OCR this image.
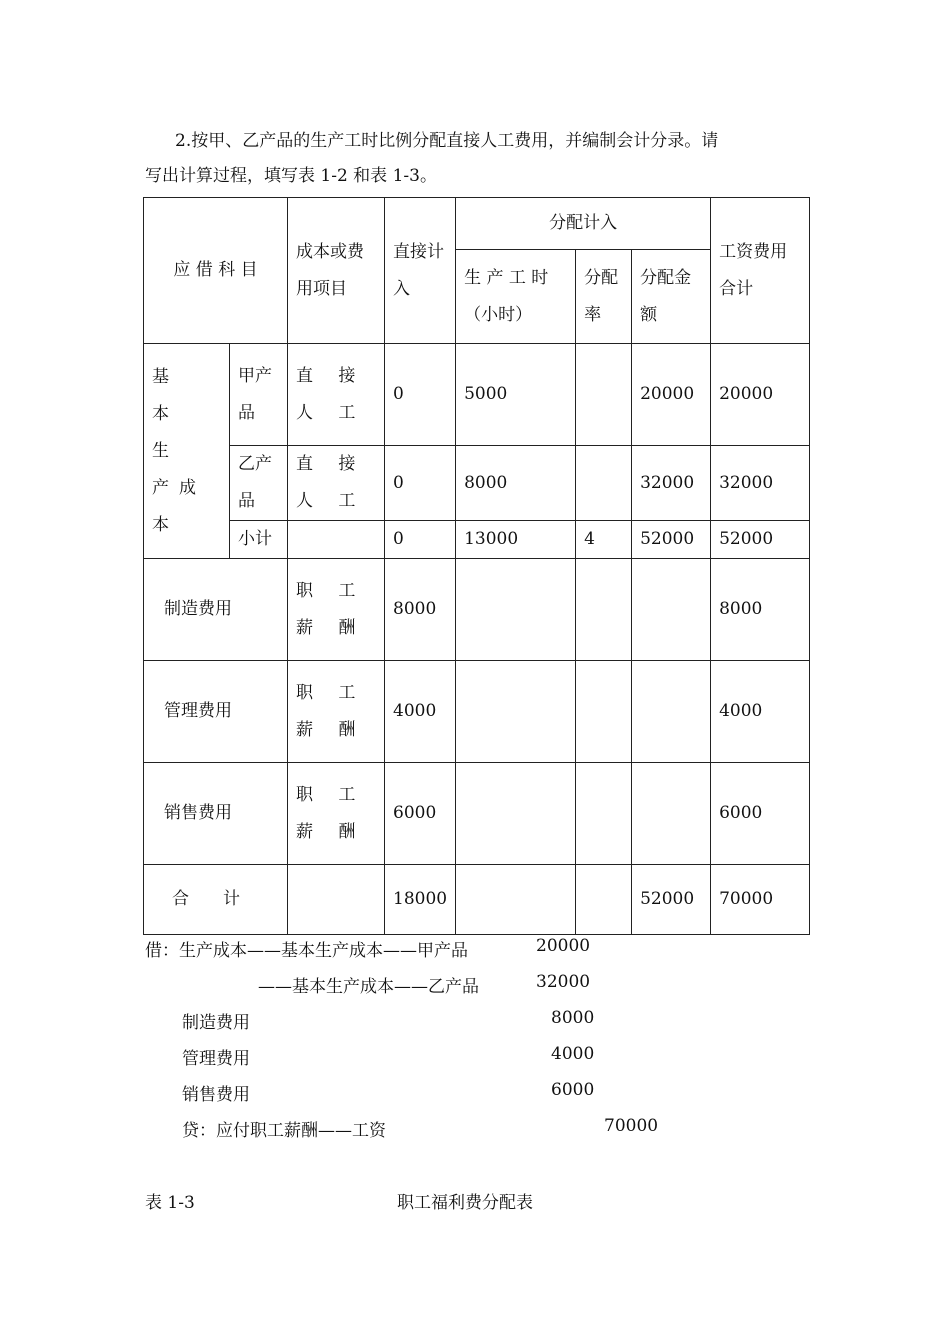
2.按甲、乙产品的生产工时比例分配直接人工费用，并编制会计分录。请
写出计算过程，填写表 1-2 和表 1-3。
应 借 科 目		成本或费用项目	直接计入	分配计入			工资费用合计
				生 产 工 时（小时）	分配率	分配金额	
基 本 生 产成本	甲产品	直 接 人 工	0	5000		20000	20000
	乙产品	直 接 人 工	0	8000		32000	32000
	小计		0	13000	4	52000	52000
制造费用		职 工 薪 酬	8000				8000
管理费用		职 工 薪 酬	4000				4000
销售费用		职 工 薪 酬	6000				6000
合　　计			18000			52000	70000
借：生产成本——基本生产成本——甲产品	20000
——基本生产成本——乙产品	32000
制造费用	8000
管理费用	4000
销售费用	6000
贷：应付职工薪酬——工资	70000
表 1-3	职工福利费分配表
